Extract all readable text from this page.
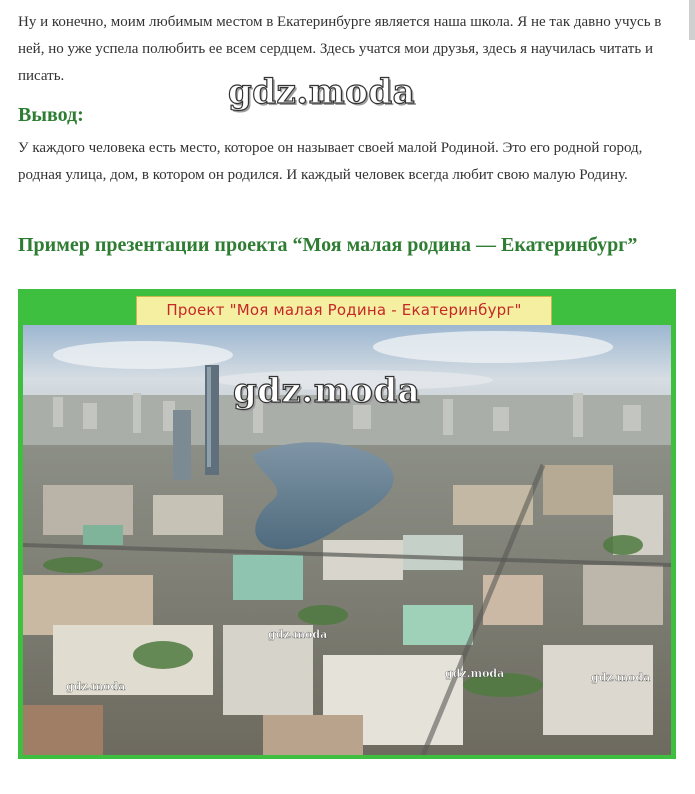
Ну и конечно, моим любимым местом в Екатеринбурге является наша школа. Я не так давно учусь в ней, но уже успела полюбить ее всем сердцем. Здесь учатся мои друзья, здесь я научилась читать и писать.	gdz.moda
Вывод:

У каждого человека есть место, которое он называет своей малой Родиной. Это его родной город, родная улица, дом, в котором он родился. И каждый человек всегда любит свою малую Родину.

Пример презентации проекта “Моя малая родина — Екатеринбург”
Проект "Моя малая Родина - Екатеринбург"
gdz.moda
gdz.moda
gdz.moda
gdz.moda	gdz.moda
